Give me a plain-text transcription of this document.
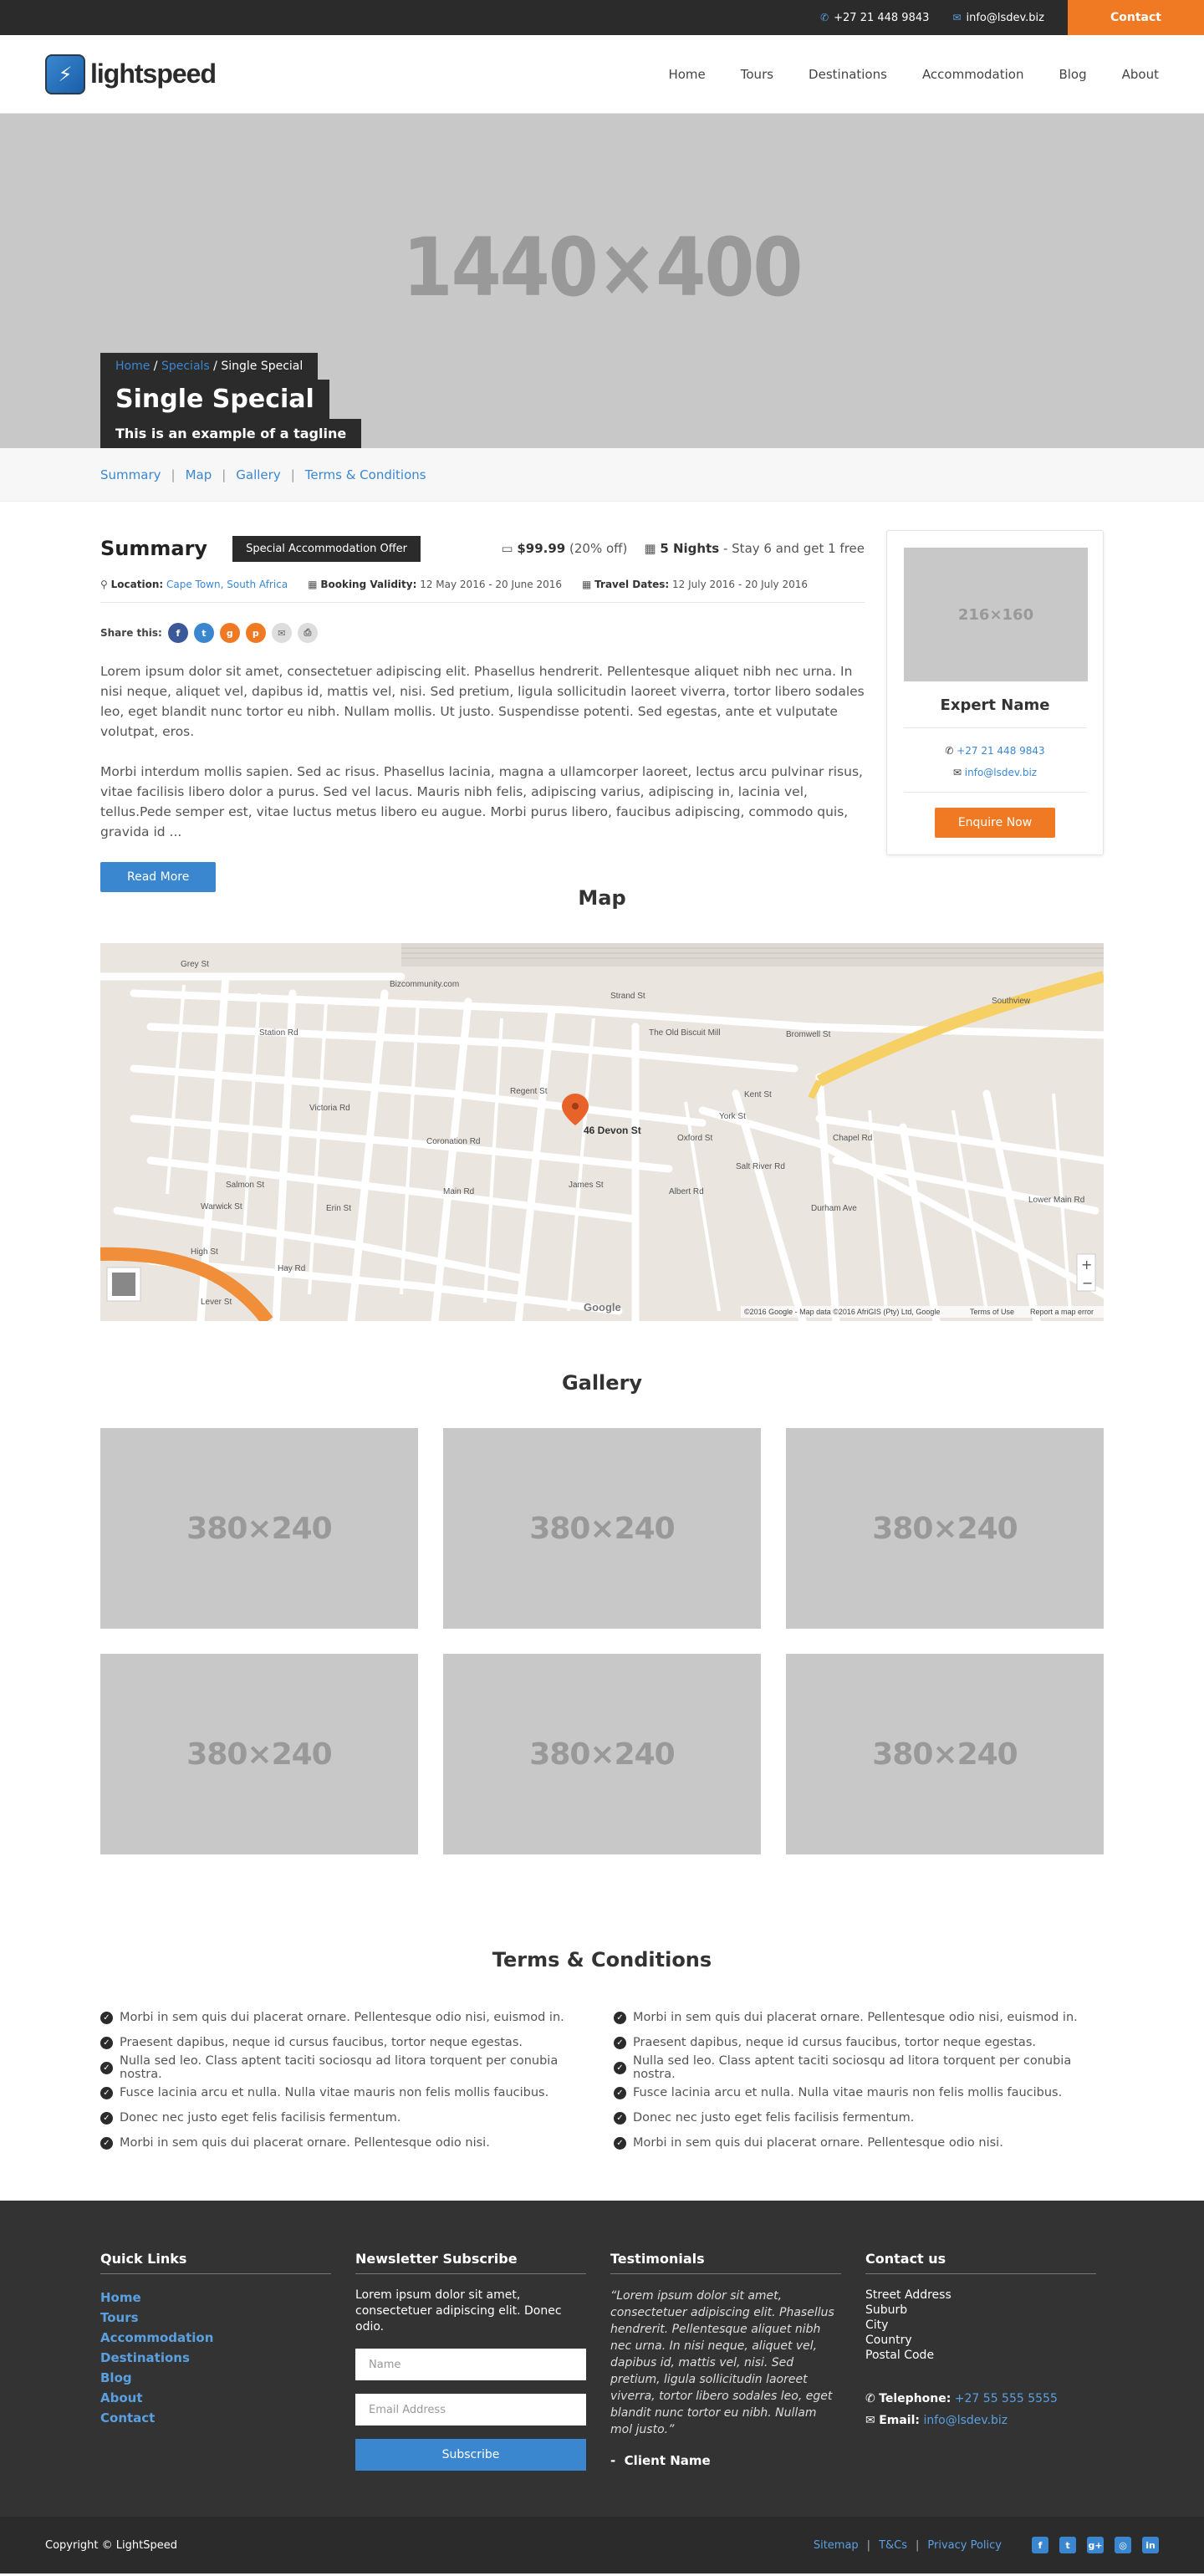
✆ +27 21 448 9843 ✉ info@lsdev.biz	Contact
⚡ lightspeed	Home	Tours	Destinations	Accommodation	Blog	About
1440×400
Home / Specials / Single Special
Single Special
This is an example of a tagline
Summary | Map | Gallery | Terms & Conditions
Summary	Special Accommodation Offer	▭ $99.99 (20% off) ▦ 5 Nights - Stay 6 and get 1 free
⚲ Location: Cape Town, South Africa ▦ Booking Validity: 12 May 2016 - 20 June 2016 ▦ Travel Dates: 12 July 2016 - 20 July 2016
Share this:	f	t	g	p	✉	⎙

Lorem ipsum dolor sit amet, consectetuer adipiscing elit. Phasellus hendrerit. Pellentesque aliquet nibh nec urna. In nisi neque, aliquet vel, dapibus id, mattis vel, nisi. Sed pretium, ligula sollicitudin laoreet viverra, tortor libero sodales leo, eget blandit nunc tortor eu nibh. Nullam mollis. Ut justo. Suspendisse potenti. Sed egestas, ante et vulputate volutpat, eros.

Morbi interdum mollis sapien. Sed ac risus. Phasellus lacinia, magna a ullamcorper laoreet, lectus arcu pulvinar risus, vitae facilisis libero dolor a purus. Sed vel lacus. Mauris nibh felis, adipiscing varius, adipiscing in, lacinia vel, tellus.Pede semper est, vitae luctus metus libero eu augue. Morbi purus libero, faucibus adipiscing, commodo quis, gravida id ...

Read More
216×160
Expert Name
✆ +27 21 448 9843
✉ info@lsdev.biz
Enquire Now
Map
46 Devon St
Grey St
Bizcommunity.com
Strand St
The Old Biscuit Mill	Bromwell St
Southview
Victoria Rd
Regent St
Salt River Rd
Albert Rd
Chapel Rd
James St
Oxford St
Kent St
York St
Durham Ave
Station Rd
Coronation Rd
Lower Main Rd
Main Rd
Erin St
Salmon St
High St
Lever St
Warwick St
Hay Rd	+
−
Google	©2016 Google - Map data ©2016 AfriGIS (Pty) Ltd, Google	Terms of Use Report a map error
Gallery
380×240	380×240	380×240
380×240	380×240	380×240
Terms & Conditions
✓ Morbi in sem quis dui placerat ornare. Pellentesque odio nisi, euismod in.
✓ Praesent dapibus, neque id cursus faucibus, tortor neque egestas.
✓ Nulla sed leo. Class aptent taciti sociosqu ad litora torquent per conubia nostra.
✓ Fusce lacinia arcu et nulla. Nulla vitae mauris non felis mollis faucibus.
✓ Donec nec justo eget felis facilisis fermentum.
✓ Morbi in sem quis dui placerat ornare. Pellentesque odio nisi.
✓ Morbi in sem quis dui placerat ornare. Pellentesque odio nisi, euismod in.
✓ Praesent dapibus, neque id cursus faucibus, tortor neque egestas.
✓ Nulla sed leo. Class aptent taciti sociosqu ad litora torquent per conubia nostra.
✓ Fusce lacinia arcu et nulla. Nulla vitae mauris non felis mollis faucibus.
✓ Donec nec justo eget felis facilisis fermentum.
✓ Morbi in sem quis dui placerat ornare. Pellentesque odio nisi.
Quick Links
Home
Tours
Accommodation
Destinations
Blog
About
Contact
Newsletter Subscribe

Lorem ipsum dolor sit amet, consectetuer adipiscing elit. Donec odio.

Name
Email Address
Subscribe
Testimonials

“Lorem ipsum dolor sit amet, consectetuer adipiscing elit. Phasellus hendrerit. Pellentesque aliquet nibh nec urna. In nisi neque, aliquet vel, dapibus id, mattis vel, nisi. Sed pretium, ligula sollicitudin laoreet viverra, tortor libero sodales leo, eget blandit nunc tortor eu nibh. Nullam mol justo.”

-  Client Name
Contact us
Street Address
Suburb
City
Country
Postal Code
✆ Telephone: +27 55 555 5555
✉ Email: info@lsdev.biz
Copyright © LightSpeed	Sitemap | T&Cs | Privacy Policy	f	t	g+	◎	in
